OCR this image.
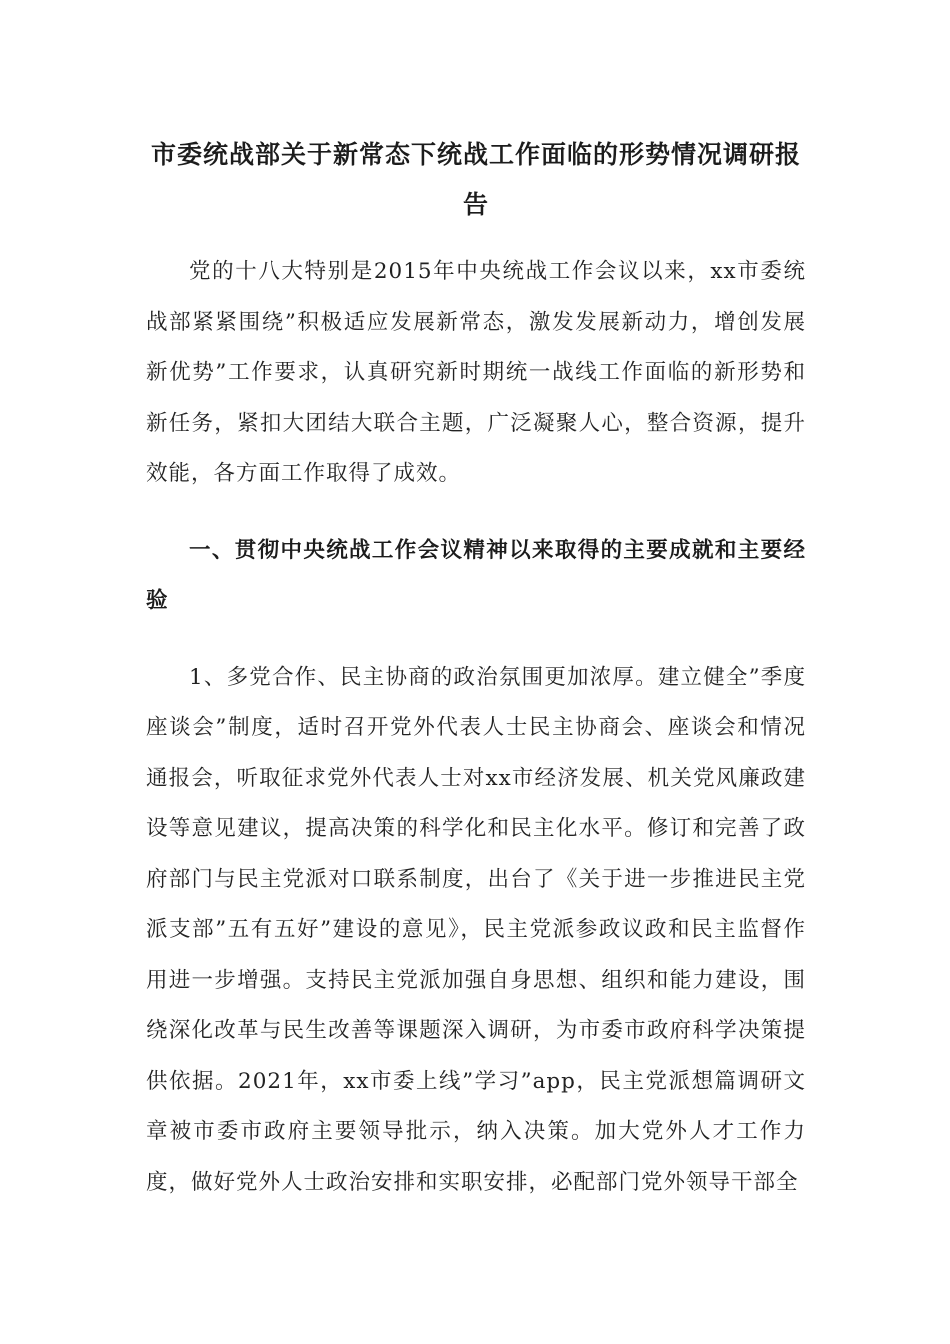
市委统战部关于新常态下统战工作面临的形势情况调研报告

党的十八大特别是2015年中央统战工作会议以来，xx市委统战部紧紧围绕”积极适应发展新常态，激发发展新动力，增创发展新优势”工作要求，认真研究新时期统一战线工作面临的新形势和新任务，紧扣大团结大联合主题，广泛凝聚人心，整合资源，提升效能，各方面工作取得了成效。

一、贯彻中央统战工作会议精神以来取得的主要成就和主要经验

1、多党合作、民主协商的政治氛围更加浓厚。建立健全”季度座谈会”制度，适时召开党外代表人士民主协商会、座谈会和情况通报会，听取征求党外代表人士对xx市经济发展、机关党风廉政建设等意见建议，提高决策的科学化和民主化水平。修订和完善了政府部门与民主党派对口联系制度，出台了《关于进一步推进民主党派支部”五有五好”建设的意见》，民主党派参政议政和民主监督作用进一步增强。支持民主党派加强自身思想、组织和能力建设，围绕深化改革与民生改善等课题深入调研，为市委市政府科学决策提供依据。2021年，xx市委上线”学习”app，民主党派想篇调研文章被市委市政府主要领导批示，纳入决策。加大党外人才工作力度，做好党外人士政治安排和实职安排，必配部门党外领导干部全
